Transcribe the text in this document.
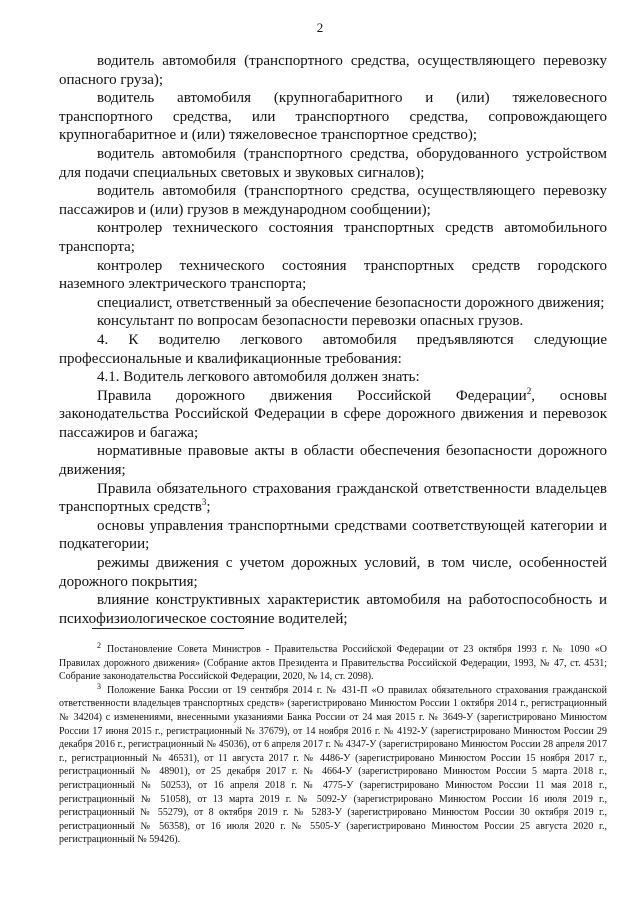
2

водитель автомобиля (транспортного средства, осуществляющего перевозку опасного груза);

водитель автомобиля (крупногабаритного и (или) тяжеловесного транспортного средства, или транспортного средства, сопровождающего крупногабаритное и (или) тяжеловесное транспортное средство);

водитель автомобиля (транспортного средства, оборудованного устройством для подачи специальных световых и звуковых сигналов);

водитель автомобиля (транспортного средства, осуществляющего перевозку пассажиров и (или) грузов в международном сообщении);

контролер технического состояния транспортных средств автомобильного транспорта;

контролер технического состояния транспортных средств городского наземного электрического транспорта;

специалист, ответственный за обеспечение безопасности дорожного движения;

консультант по вопросам безопасности перевозки опасных грузов.

4. К водителю легкового автомобиля предъявляются следующие профессиональные и квалификационные требования:

4.1. Водитель легкового автомобиля должен знать:

Правила дорожного движения Российской Федерации$^2$, основы законодательства Российской Федерации в сфере дорожного движения и перевозок пассажиров и багажа;

нормативные правовые акты в области обеспечения безопасности дорожного движения;

Правила обязательного страхования гражданской ответственности владельцев транспортных средств$^3$;

основы управления транспортными средствами соответствующей категории и подкатегории;

режимы движения с учетом дорожных условий, в том числе, особенностей дорожного покрытия;

влияние конструктивных характеристик автомобиля на работоспособность и психофизиологическое состояние водителей;

$^2$ Постановление Совета Министров - Правительства Российской Федерации от 23 октября 1993 г. № 1090 «О Правилах дорожного движения» (Собрание актов Президента и Правительства Российской Федерации, 1993, № 47, ст. 4531; Собрание законодательства Российской Федерации, 2020, № 14, ст. 2098).

$^3$ Положение Банка России от 19 сентября 2014 г. № 431-П «О правилах обязательного страхования гражданской ответственности владельцев транспортных средств» (зарегистрировано Минюстом России 1 октября 2014 г., регистрационный № 34204) с изменениями, внесенными указаниями Банка России от 24 мая 2015 г. № 3649-У (зарегистрировано Минюстом России 17 июня 2015 г., регистрационный № 37679), от 14 ноября 2016 г. № 4192-У (зарегистрировано Минюстом России 29 декабря 2016 г., регистрационный № 45036), от 6 апреля 2017 г. № 4347-У (зарегистрировано Минюстом России 28 апреля 2017 г., регистрационный № 46531), от 11 августа 2017 г. № 4486-У (зарегистрировано Минюстом России 15 ноября 2017 г., регистрационный № 48901), от 25 декабря 2017 г. № 4664-У (зарегистрировано Минюстом России 5 марта 2018 г., регистрационный № 50253), от 16 апреля 2018 г. № 4775-У (зарегистрировано Минюстом России 11 мая 2018 г., регистрационный № 51058), от 13 марта 2019 г. № 5092-У (зарегистрировано Минюстом России 16 июля 2019 г., регистрационный № 55279), от 8 октября 2019 г. № 5283-У (зарегистрировано Минюстом России 30 октября 2019 г., регистрационный № 56358), от 16 июля 2020 г. № 5505-У (зарегистрировано Минюстом России 25 августа 2020 г., регистрационный № 59426).
